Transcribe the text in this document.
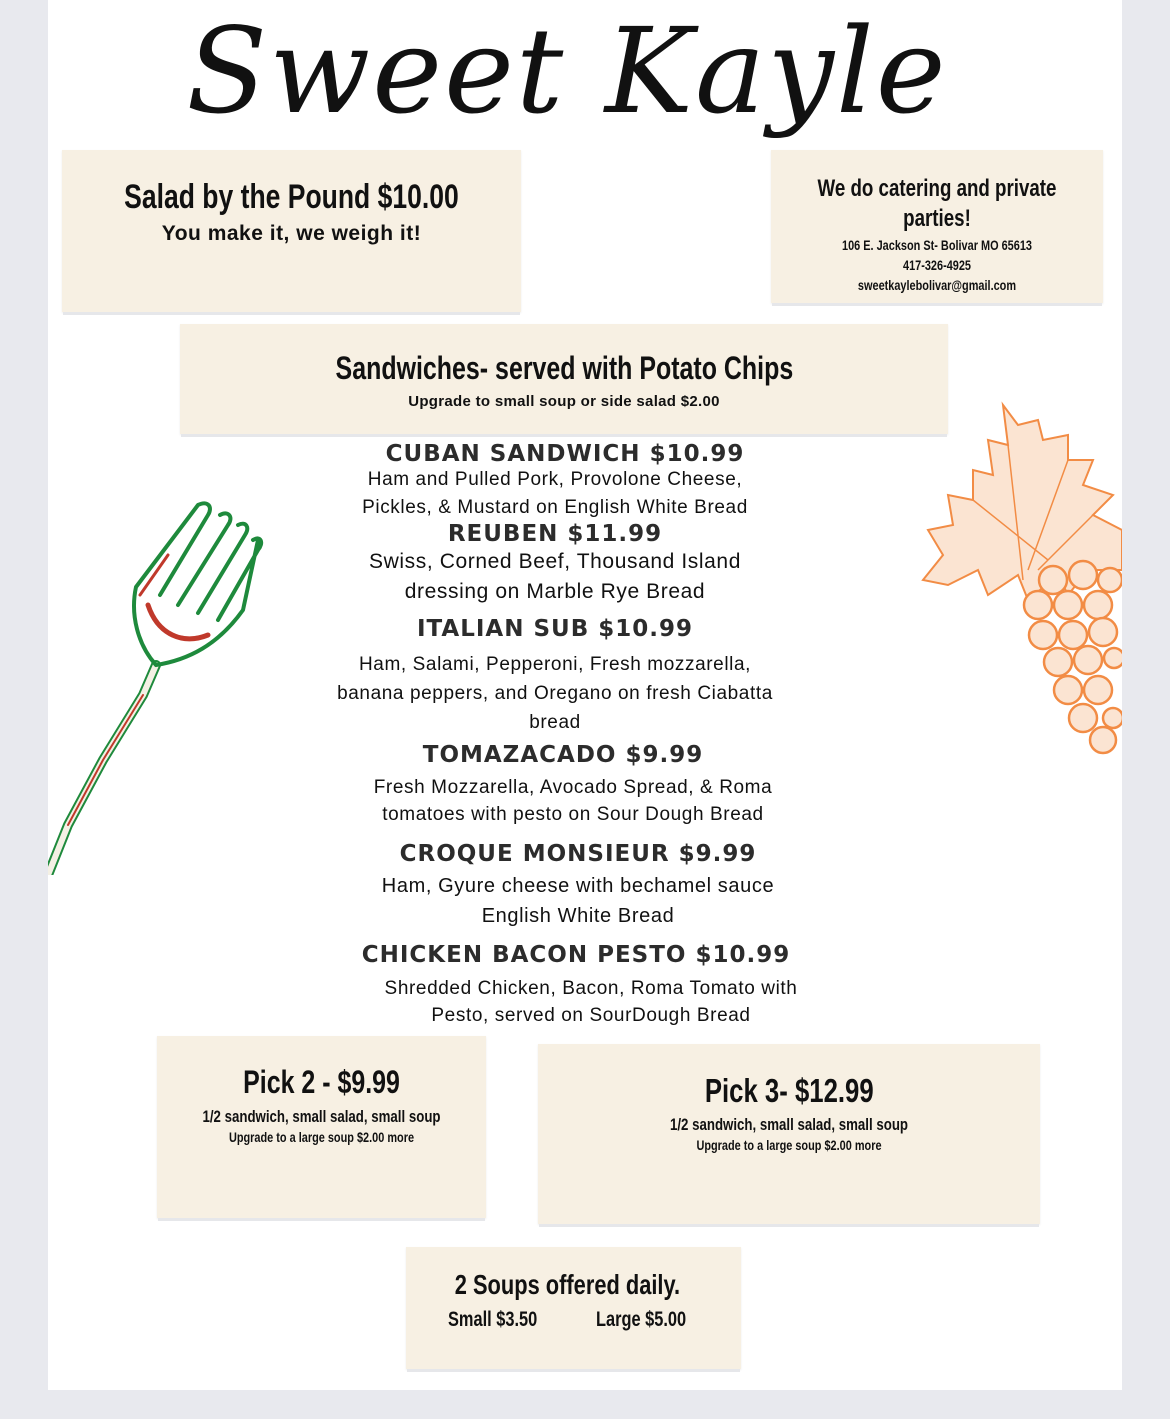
Sweet Kayle
Salad by the Pound $10.00
You make it, we weigh it!
We do catering and private
parties!
106 E. Jackson St- Bolivar MO 65613
417-326-4925
sweetkaylebolivar@gmail.com
Sandwiches- served with Potato Chips
Upgrade to small soup or side salad $2.00
CUBAN SANDWICH $10.99
Ham and Pulled Pork, Provolone Cheese,
Pickles, & Mustard on English White Bread
REUBEN $11.99
Swiss, Corned Beef, Thousand Island
dressing on Marble Rye Bread
ITALIAN SUB $10.99
Ham, Salami, Pepperoni, Fresh mozzarella,
banana peppers, and Oregano on fresh Ciabatta
bread
TOMAZACADO $9.99
Fresh Mozzarella, Avocado Spread, & Roma
tomatoes with pesto on Sour Dough Bread
CROQUE MONSIEUR $9.99
Ham, Gyure cheese with bechamel sauce
English White Bread
CHICKEN BACON PESTO $10.99
Shredded Chicken, Bacon, Roma Tomato with
Pesto, served on SourDough Bread
Pick 2 - $9.99
1/2 sandwich, small salad, small soup
Upgrade to a large soup $2.00 more
Pick 3- $12.99
1/2 sandwich, small salad, small soup
Upgrade to a large soup $2.00 more
2 Soups offered daily.
Small $3.50	Large $5.00
